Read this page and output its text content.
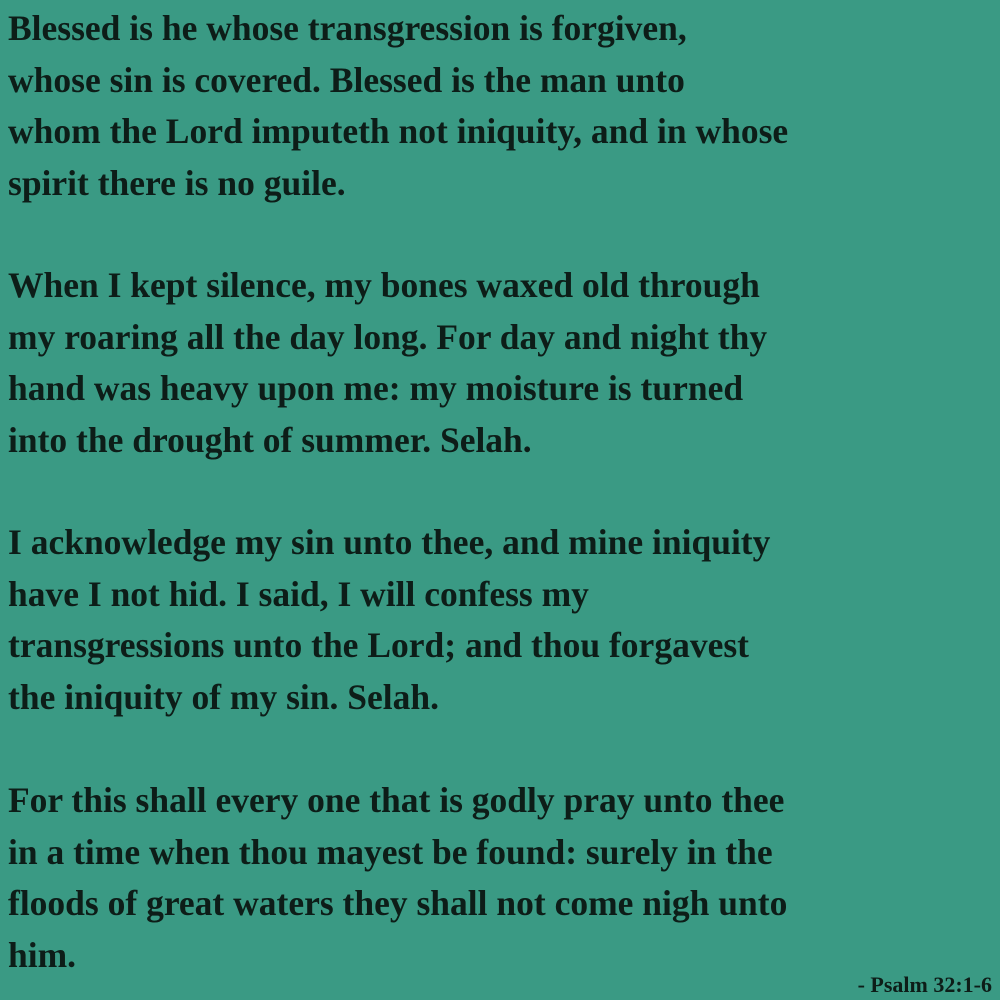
Blessed is he whose transgression is forgiven,
whose sin is covered. Blessed is the man unto
whom the Lord imputeth not iniquity, and in whose
spirit there is no guile.

When I kept silence, my bones waxed old through
my roaring all the day long. For day and night thy
hand was heavy upon me: my moisture is turned
into the drought of summer. Selah.

I acknowledge my sin unto thee, and mine iniquity
have I not hid. I said, I will confess my
transgressions unto the Lord; and thou forgavest
the iniquity of my sin. Selah.

For this shall every one that is godly pray unto thee
in a time when thou mayest be found: surely in the
floods of great waters they shall not come nigh unto
him.

- Psalm 32:1-6
